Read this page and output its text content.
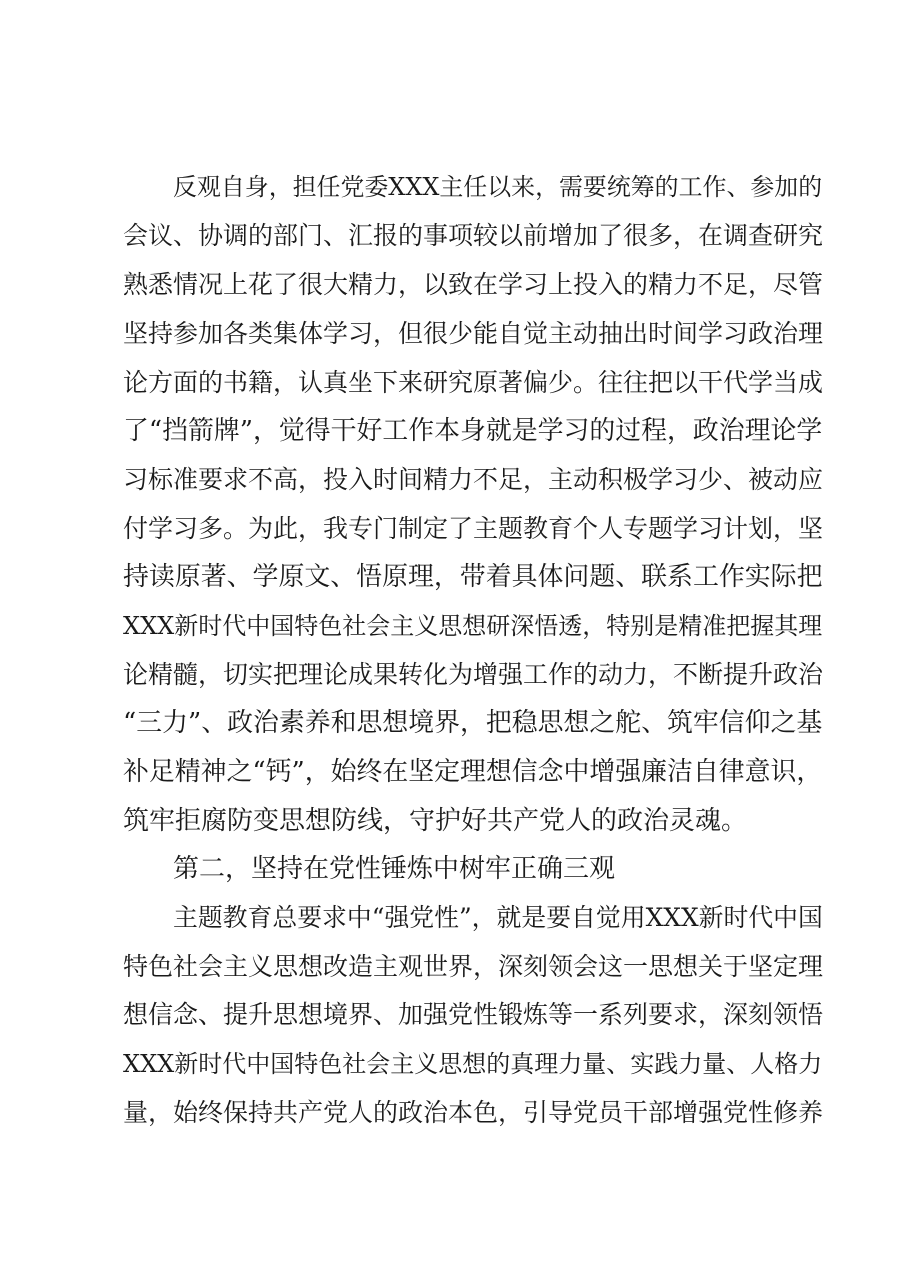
反观自身，担任党委XXX主任以来，需要统筹的工作、参加的
会议、协调的部门、汇报的事项较以前增加了很多，在调查研究
熟悉情况上花了很大精力，以致在学习上投入的精力不足，尽管
坚持参加各类集体学习，但很少能自觉主动抽出时间学习政治理
论方面的书籍，认真坐下来研究原著偏少。往往把以干代学当成
了“挡箭牌”，觉得干好工作本身就是学习的过程，政治理论学
习标准要求不高，投入时间精力不足，主动积极学习少、被动应
付学习多。为此，我专门制定了主题教育个人专题学习计划，坚
持读原著、学原文、悟原理，带着具体问题、联系工作实际把
XXX新时代中国特色社会主义思想研深悟透，特别是精准把握其理
论精髓，切实把理论成果转化为增强工作的动力，不断提升政治
“三力”、政治素养和思想境界，把稳思想之舵、筑牢信仰之基
补足精神之“钙”，始终在坚定理想信念中增强廉洁自律意识，
筑牢拒腐防变思想防线，守护好共产党人的政治灵魂。
第二，坚持在党性锤炼中树牢正确三观
主题教育总要求中“强党性”，就是要自觉用XXX新时代中国
特色社会主义思想改造主观世界，深刻领会这一思想关于坚定理
想信念、提升思想境界、加强党性锻炼等一系列要求，深刻领悟
XXX新时代中国特色社会主义思想的真理力量、实践力量、人格力
量，始终保持共产党人的政治本色，引导党员干部增强党性修养
